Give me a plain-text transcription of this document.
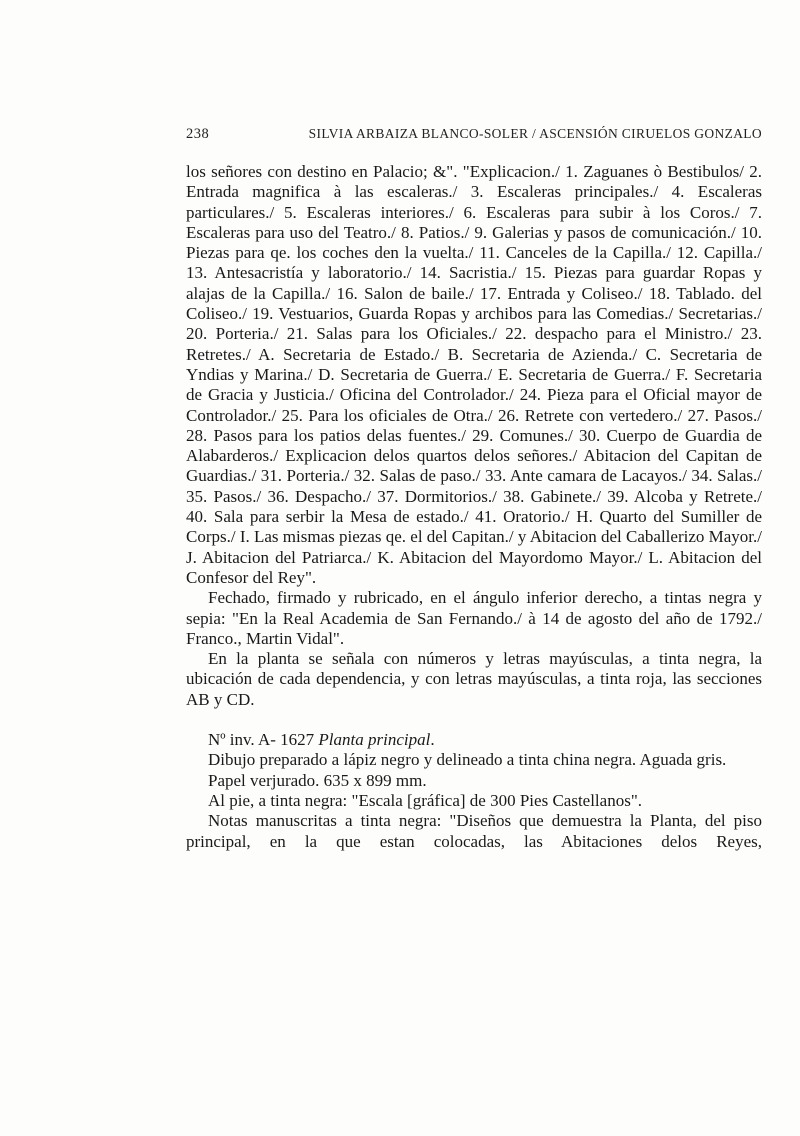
238	SILVIA ARBAIZA BLANCO-SOLER / ASCENSIÓN CIRUELOS GONZALO

los señores con destino en Palacio; &". "Explicacion./ 1. Zaguanes ò Bestibulos/ 2. Entrada magnifica à las escaleras./ 3. Escaleras principales./ 4. Escaleras particulares./ 5. Escaleras interiores./ 6. Escaleras para subir à los Coros./ 7. Escaleras para uso del Teatro./ 8. Patios./ 9. Galerias y pasos de comunicación./ 10. Piezas para qe. los coches den la vuelta./ 11. Canceles de la Capilla./ 12. Capilla./ 13. Antesacristía y laboratorio./ 14. Sacristia./ 15. Piezas para guardar Ropas y alajas de la Capilla./ 16. Salon de baile./ 17. Entrada y Coliseo./ 18. Tablado. del Coliseo./ 19. Vestuarios, Guarda Ropas y archibos para las Comedias./ Secretarias./ 20. Porteria./ 21. Salas para los Oficiales./ 22. despacho para el Ministro./ 23. Retretes./ A. Secretaria de Estado./ B. Secretaria de Azienda./ C. Secretaria de Yndias y Marina./ D. Secretaria de Guerra./ E. Secretaria de Guerra./ F. Secretaria de Gracia y Justicia./ Oficina del Controlador./ 24. Pieza para el Oficial mayor de Controlador./ 25. Para los oficiales de Otra./ 26. Retrete con vertedero./ 27. Pasos./ 28. Pasos para los patios delas fuentes./ 29. Comunes./ 30. Cuerpo de Guardia de Alabarderos./ Explicacion delos quartos delos señores./ Abitacion del Capitan de Guardias./ 31. Porteria./ 32. Salas de paso./ 33. Ante camara de Lacayos./ 34. Salas./ 35. Pasos./ 36. Despacho./ 37. Dormitorios./ 38. Gabinete./ 39. Alcoba y Retrete./ 40. Sala para serbir la Mesa de estado./ 41. Oratorio./ H. Quarto del Sumiller de Corps./ I. Las mismas piezas qe. el del Capitan./ y Abitacion del Caballerizo Mayor./ J. Abitacion del Patriarca./ K. Abitacion del Mayordomo Mayor./ L. Abitacion del Confesor del Rey".

Fechado, firmado y rubricado, en el ángulo inferior derecho, a tintas negra y sepia: "En la Real Academia de San Fernando./ à 14 de agosto del año de 1792./ Franco., Martin Vidal".

En la planta se señala con números y letras mayúsculas, a tinta negra, la ubicación de cada dependencia, y con letras mayúsculas, a tinta roja, las secciones AB y CD.

Nº inv. A- 1627 Planta principal.

Dibujo preparado a lápiz negro y delineado a tinta china negra. Aguada gris.

Papel verjurado. 635 x 899 mm.

Al pie, a tinta negra: "Escala [gráfica] de 300 Pies Castellanos".

Notas manuscritas a tinta negra: "Diseños que demuestra la Planta, del piso principal, en la que estan colocadas, las Abitaciones delos Reyes,
